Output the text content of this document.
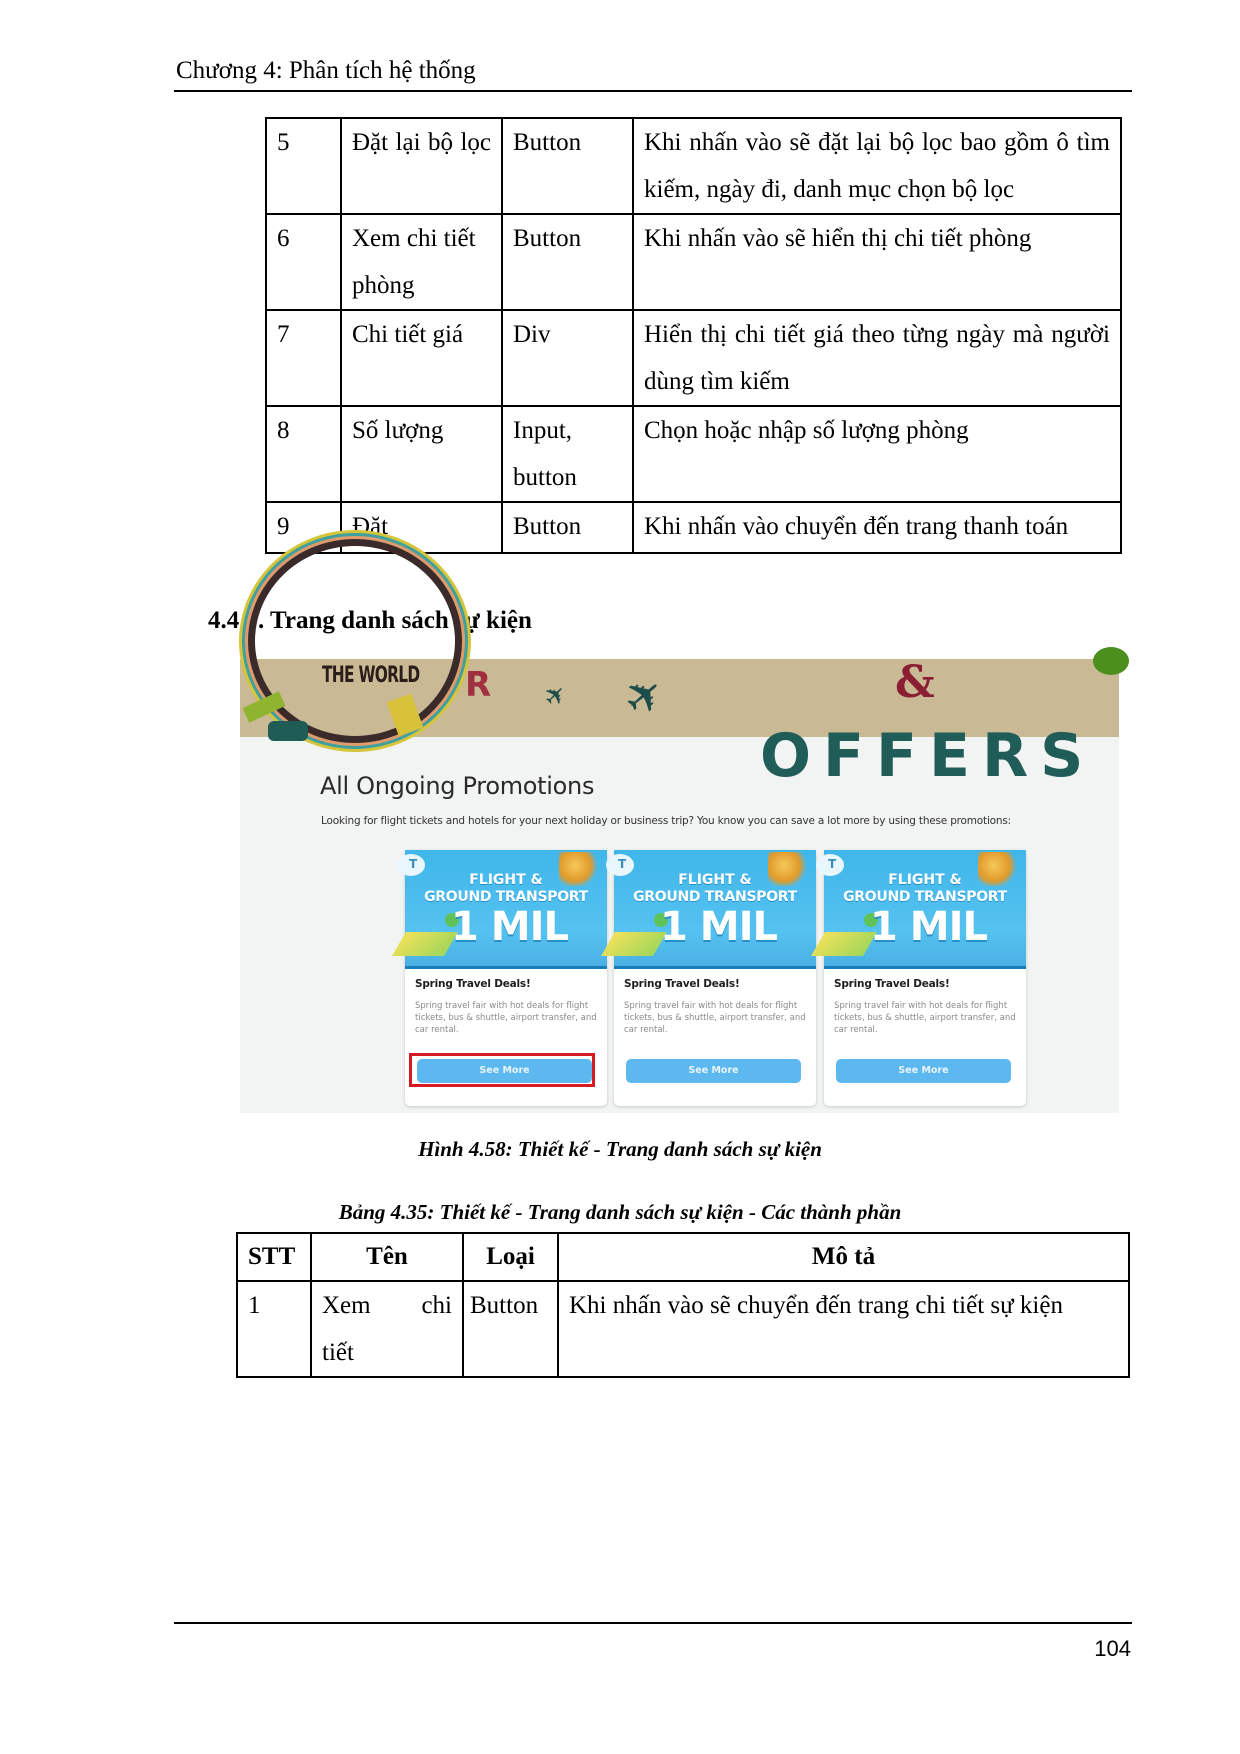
Chương 4: Phân tích hệ thống
5	Đặt lại bộ lọc	Button	Khi nhấn vào sẽ đặt lại bộ lọc bao gồm ô tìm kiếm, ngày đi, danh mục chọn bộ lọc
6	Xem chi tiết phòng	Button	Khi nhấn vào sẽ hiển thị chi tiết phòng
7	Chi tiết giá	Div	Hiển thị chi tiết giá theo từng ngày mà người dùng tìm kiếm
8	Số lượng	Input, button	Chọn hoặc nhập số lượng phòng
9	Đặt	Button	Khi nhấn vào chuyển đến trang thanh toán
4.4.7. Trang danh sách sự kiện
THE WORLD R ✈ ✈	&
OFFERS
All Ongoing Promotions
Looking for flight tickets and hotels for your next holiday or business trip? You know you can save a lot more by using these promotions:
T
FLIGHT &
GROUND TRANSPORT
1 MIL
Spring Travel Deals!
Spring travel fair with hot deals for flight tickets, bus & shuttle, airport transfer, and car rental.
See More
T
FLIGHT &
GROUND TRANSPORT
1 MIL
Spring Travel Deals!
Spring travel fair with hot deals for flight tickets, bus & shuttle, airport transfer, and car rental.
See More
T
FLIGHT &
GROUND TRANSPORT
1 MIL
Spring Travel Deals!
Spring travel fair with hot deals for flight tickets, bus & shuttle, airport transfer, and car rental.
See More
Hình 4.58: Thiết kế - Trang danh sách sự kiện
Bảng 4.35: Thiết kế - Trang danh sách sự kiện - Các thành phần
STT	Tên	Loại	Mô tả
1	Xem chi tiết	Button	Khi nhấn vào sẽ chuyển đến trang chi tiết sự kiện
104
